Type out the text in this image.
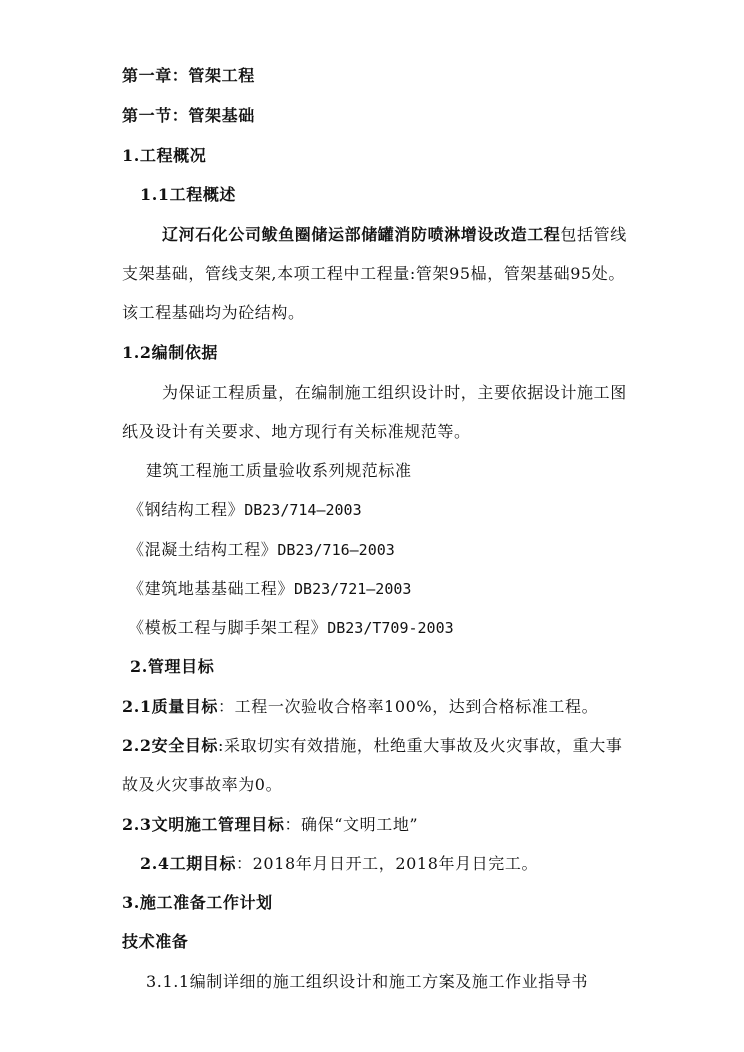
第一章：管架工程
第一节：管架基础
1.工程概况
1.1工程概述
辽河石化公司鲅鱼圈储运部储罐消防喷淋增设改造工程包括管线
支架基础，管线支架,本项工程中工程量:管架95榀，管架基础95处。
该工程基础均为砼结构。
1.2编制依据
为保证工程质量，在编制施工组织设计时，主要依据设计施工图
纸及设计有关要求、地方现行有关标准规范等。
建筑工程施工质量验收系列规范标准
《钢结构工程》DB23/714—2003
《混凝土结构工程》DB23/716—2003
《建筑地基基础工程》DB23/721—2003
《模板工程与脚手架工程》DB23/T709-2003
2.管理目标
2.1质量目标：工程一次验收合格率100%，达到合格标准工程。
2.2安全目标:采取切实有效措施，杜绝重大事故及火灾事故，重大事
故及火灾事故率为0。
2.3文明施工管理目标：确保“文明工地”
2.4工期目标：2018年月日开工，2018年月日完工。
3.施工准备工作计划
技术准备
3.1.1编制详细的施工组织设计和施工方案及施工作业指导书
